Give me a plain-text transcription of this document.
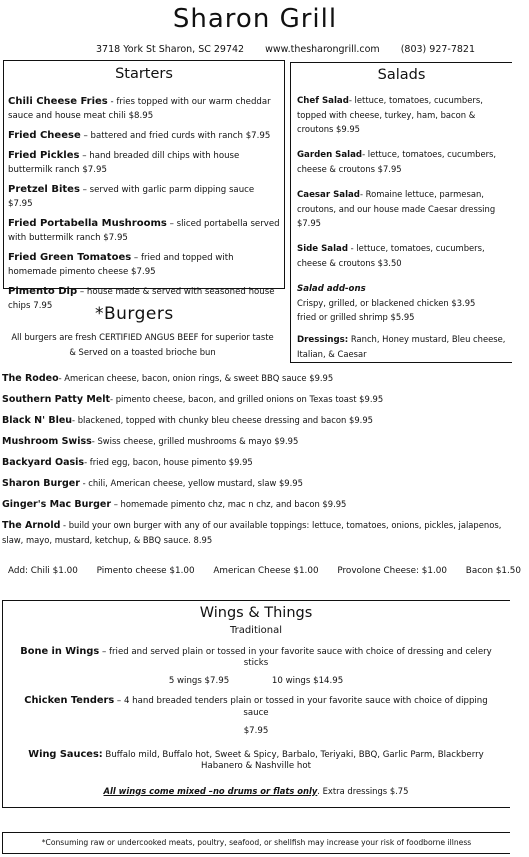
Sharon Grill
3718 York St Sharon, SC 29742 www.thesharongrill.com (803) 927-7821
Starters
Chili Cheese Fries - fries topped with our warm cheddar sauce and house meat chili $8.95
Fried Cheese – battered and fried curds with ranch $7.95
Fried Pickles – hand breaded dill chips with house buttermilk ranch $7.95
Pretzel Bites – served with garlic parm dipping sauce $7.95
Fried Portabella Mushrooms – sliced portabella served with buttermilk ranch $7.95
Fried Green Tomatoes – fried and topped with homemade pimento cheese $7.95
Pimento Dip – house made & served with seasoned house chips 7.95
Salads
Chef Salad- lettuce, tomatoes, cucumbers, topped with cheese, turkey, ham, bacon & croutons $9.95
Garden Salad- lettuce, tomatoes, cucumbers, cheese & croutons $7.95
Caesar Salad- Romaine lettuce, parmesan, croutons, and our house made Caesar dressing $7.95
Side Salad - lettuce, tomatoes, cucumbers, cheese & croutons $3.50
Salad add-ons
Crispy, grilled, or blackened chicken $3.95
fried or grilled shrimp $5.95
Dressings: Ranch, Honey mustard, Bleu cheese, Italian, & Caesar
*Burgers
All burgers are fresh CERTIFIED ANGUS BEEF for superior taste
& Served on a toasted brioche bun
The Rodeo- American cheese, bacon, onion rings, & sweet BBQ sauce $9.95
Southern Patty Melt- pimento cheese, bacon, and grilled onions on Texas toast $9.95
Black N' Bleu- blackened, topped with chunky bleu cheese dressing and bacon $9.95
Mushroom Swiss- Swiss cheese, grilled mushrooms & mayo $9.95
Backyard Oasis- fried egg, bacon, house pimento $9.95
Sharon Burger - chili, American cheese, yellow mustard, slaw $9.95
Ginger's Mac Burger – homemade pimento chz, mac n chz, and bacon $9.95
The Arnold - build your own burger with any of our available toppings: lettuce, tomatoes, onions, pickles, jalapenos, slaw, mayo, mustard, ketchup, & BBQ sauce. 8.95
Add: Chili $1.00 Pimento cheese $1.00 American Cheese $1.00 Provolone Cheese: $1.00 Bacon $1.50
Wings & Things
Traditional
Bone in Wings – fried and served plain or tossed in your favorite sauce with choice of dressing and celery sticks
5 wings $7.95	10 wings $14.95
Chicken Tenders – 4 hand breaded tenders plain or tossed in your favorite sauce with choice of dipping sauce
$7.95
Wing Sauces: Buffalo mild, Buffalo hot, Sweet & Spicy, Barbalo, Teriyaki, BBQ, Garlic Parm, Blackberry Habanero & Nashville hot
All wings come mixed –no drums or flats only. Extra dressings $.75
*Consuming raw or undercooked meats, poultry, seafood, or shellfish may increase your risk of foodborne illness
